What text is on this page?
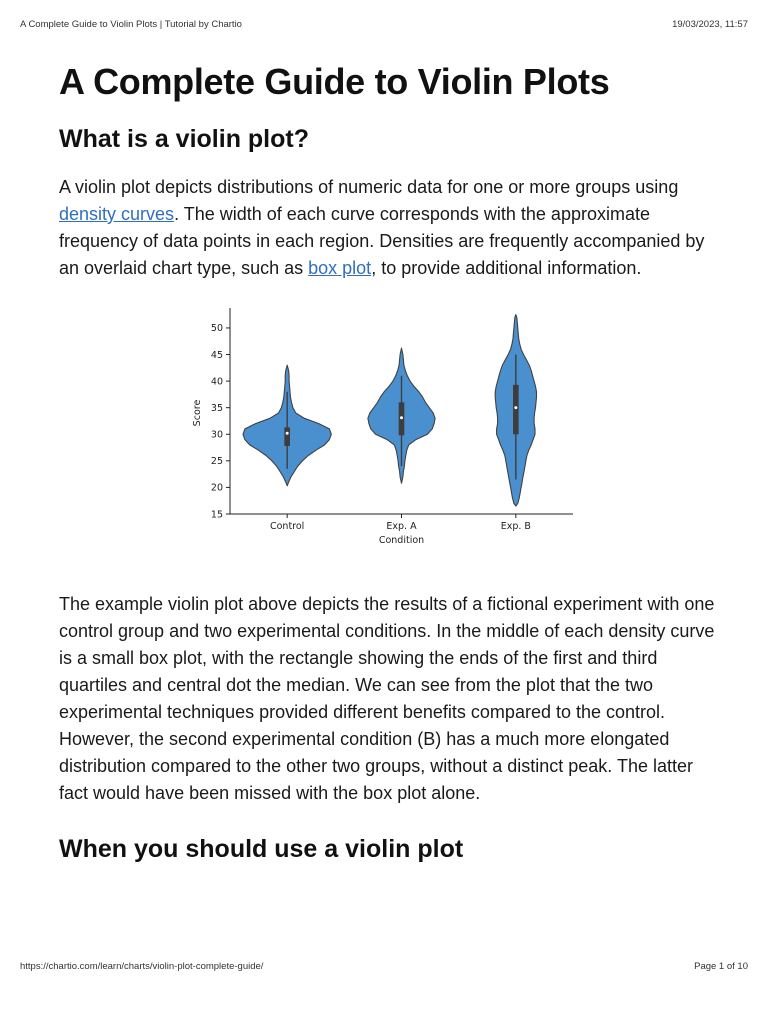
A Complete Guide to Violin Plots | Tutorial by Chartio	19/03/2023, 11:57
A Complete Guide to Violin Plots
What is a violin plot?

A violin plot depicts distributions of numeric data for one or more groups using density curves. The width of each curve corresponds with the approximate frequency of data points in each region. Densities are frequently accompanied by an overlaid chart type, such as box plot, to provide additional information.

15
20
25
30
35
40
45
50
Control	Exp. A	Exp. B
Condition
Score

The example violin plot above depicts the results of a fictional experiment with one control group and two experimental conditions. In the middle of each density curve is a small box plot, with the rectangle showing the ends of the first and third quartiles and central dot the median. We can see from the plot that the two experimental techniques provided different benefits compared to the control. However, the second experimental condition (B) has a much more elongated distribution compared to the other two groups, without a distinct peak. The latter fact would have been missed with the box plot alone.

When you should use a violin plot
https://chartio.com/learn/charts/violin-plot-complete-guide/	Page 1 of 10
